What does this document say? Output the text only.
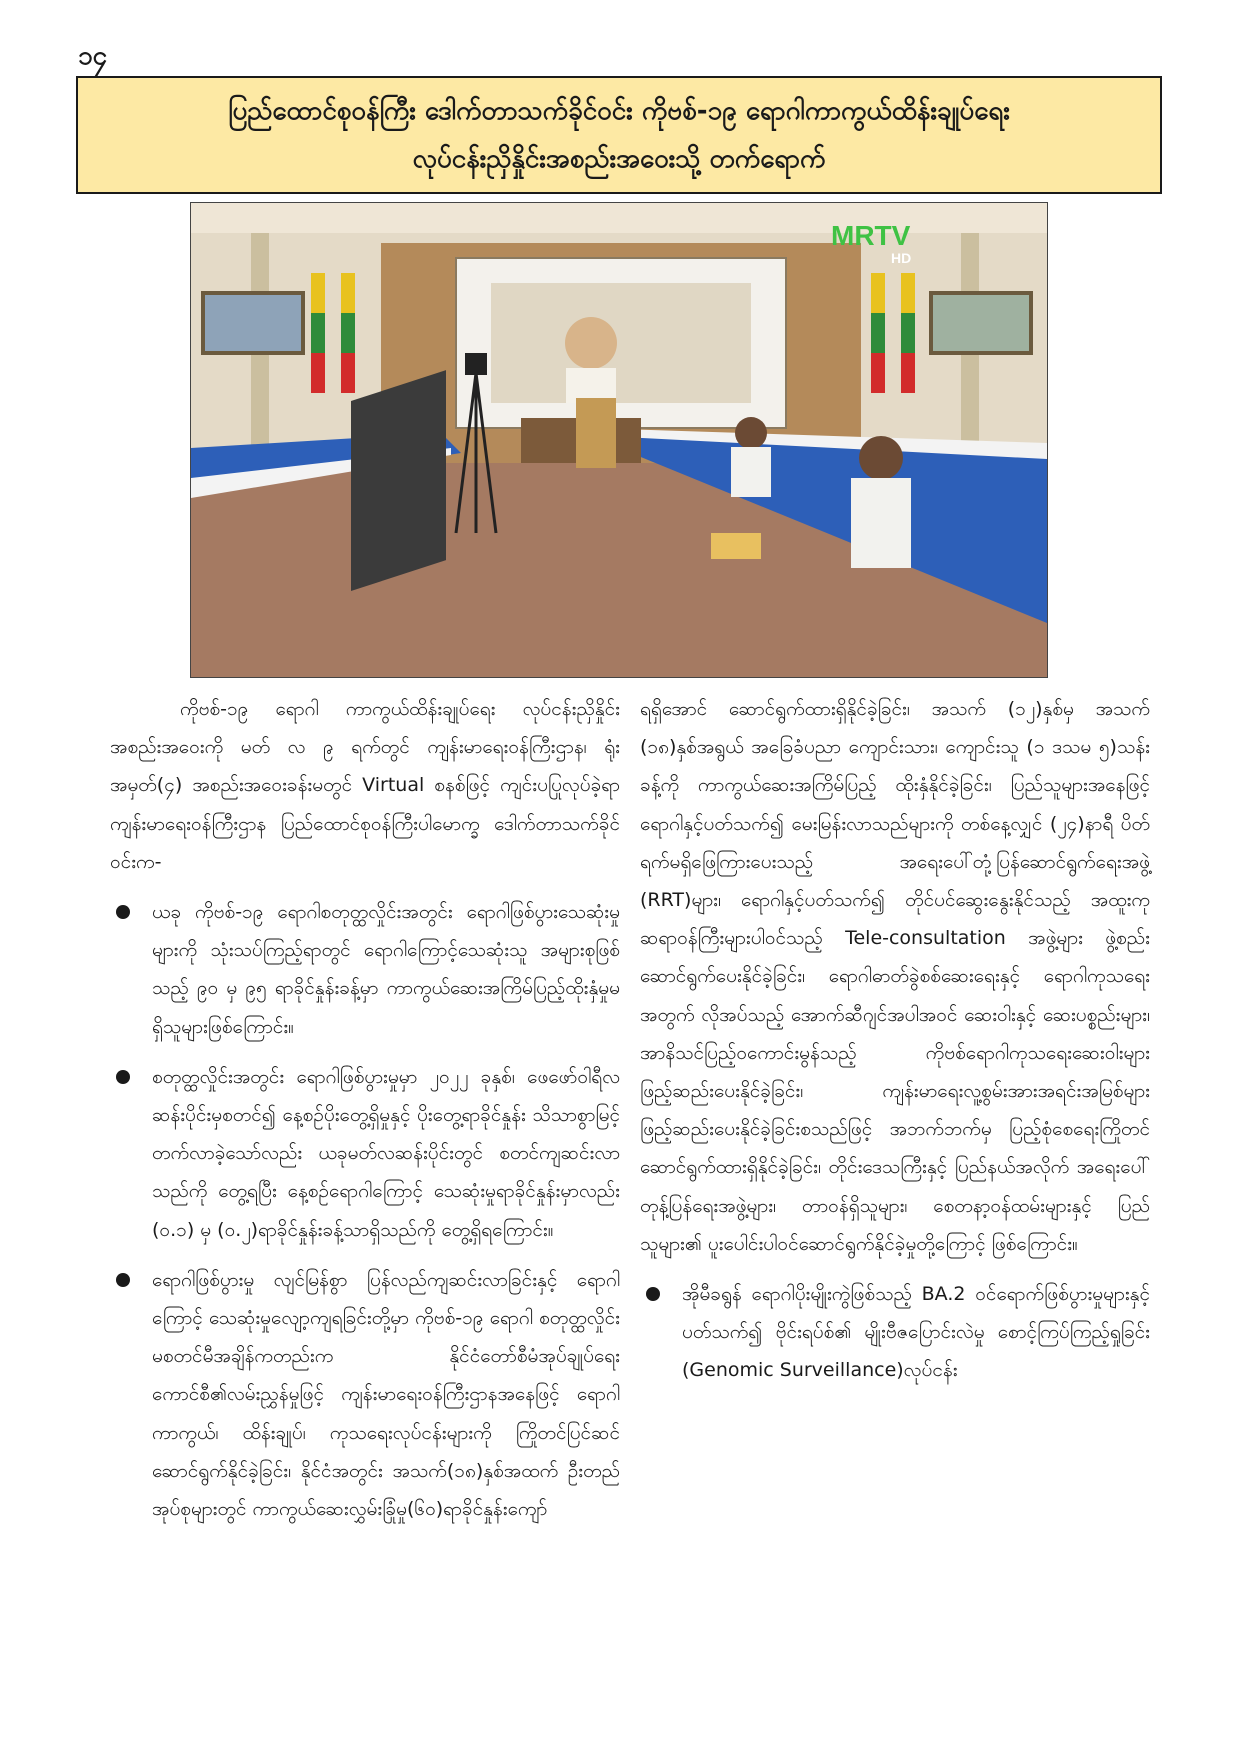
၁၄
ပြည်ထောင်စုဝန်ကြီး ဒေါက်တာသက်ခိုင်ဝင်း ကိုဗစ်-၁၉ ရောဂါကာကွယ်ထိန်းချုပ်ရေး
လုပ်ငန်းညှိနှိုင်းအစည်းအဝေးသို့ တက်ရောက်
MRTV
HD

ကိုဗစ်-၁၉ ရောဂါ ကာကွယ်ထိန်းချုပ်ရေး လုပ်ငန်းညှိနှိုင်းအစည်းအဝေးကို မတ် လ ၉ ရက်တွင် ကျန်းမာရေးဝန်ကြီးဌာန၊ ရုံးအမှတ်(၄) အစည်းအဝေးခန်းမတွင် Virtual စနစ်ဖြင့် ကျင်းပပြုလုပ်ခဲ့ရာ ကျန်းမာရေးဝန်ကြီးဌာန ပြည်ထောင်စုဝန်ကြီးပါမောက္ခ ဒေါက်တာသက်ခိုင်ဝင်းက-

ယခု ကိုဗစ်-၁၉ ရောဂါစတုတ္ထလှိုင်းအတွင်း ရောဂါဖြစ်ပွားသေဆုံးမှုများကို သုံးသပ်ကြည့်ရာတွင် ရောဂါကြောင့်သေဆုံးသူ အများစုဖြစ်သည့် ၉၀ မှ ၉၅ ရာခိုင်နှုန်းခန့်မှာ ကာကွယ်ဆေးအကြိမ်ပြည့်ထိုးနှံမှုမရှိသူများဖြစ်ကြောင်း။

စတုတ္ထလှိုင်းအတွင်း ရောဂါဖြစ်ပွားမှုမှာ ၂၀၂၂ ခုနှစ်၊ ဖေဖော်ဝါရီလဆန်းပိုင်းမှစတင်၍ နေ့စဉ်ပိုးတွေ့ရှိမှုနှင့် ပိုးတွေ့ရာခိုင်နှုန်း သိသာစွာမြင့်တက်လာခဲ့သော်လည်း ယခုမတ်လဆန်းပိုင်းတွင် စတင်ကျဆင်းလာသည်ကို တွေ့ရပြီး နေ့စဉ်ရောဂါကြောင့် သေဆုံးမှုရာခိုင်နှုန်းမှာလည်း (၀.၁) မှ (၀.၂)ရာခိုင်နှုန်းခန့်သာရှိသည်ကို တွေ့ရှိရကြောင်း။

ရောဂါဖြစ်ပွားမှု လျင်မြန်စွာ ပြန်လည်ကျဆင်းလာခြင်းနှင့် ရောဂါကြောင့် သေဆုံးမှုလျော့ကျရခြင်းတို့မှာ ကိုဗစ်-၁၉ ရောဂါ စတုတ္ထလှိုင်း မစတင်မီအချိန်ကတည်းက နိုင်ငံတော်စီမံအုပ်ချုပ်ရေးကောင်စီ၏လမ်းညွှန်မှုဖြင့် ကျန်းမာရေးဝန်ကြီးဌာနအနေဖြင့် ရောဂါကာကွယ်၊ ထိန်းချုပ်၊ ကုသရေးလုပ်ငန်းများကို ကြိုတင်ပြင်ဆင်ဆောင်ရွက်နိုင်ခဲ့ခြင်း၊ နိုင်ငံအတွင်း အသက်(၁၈)နှစ်အထက် ဦးတည်အုပ်စုများတွင် ကာကွယ်ဆေးလွှမ်းခြုံမှု(၆၀)ရာခိုင်နှုန်းကျော်

ရရှိအောင် ဆောင်ရွက်ထားရှိနိုင်ခဲ့ခြင်း၊ အသက် (၁၂)နှစ်မှ အသက် (၁၈)နှစ်အရွယ် အခြေခံပညာ ကျောင်းသား၊ ကျောင်းသူ (၁ ဒသမ ၅)သန်းခန့်ကို ကာကွယ်ဆေးအကြိမ်ပြည့် ထိုးနှံနိုင်ခဲ့ခြင်း၊ ပြည်သူများအနေဖြင့် ရောဂါနှင့်ပတ်သက်၍ မေးမြန်းလာသည်များကို တစ်နေ့လျှင် (၂၄)နာရီ ပိတ်ရက်မရှိဖြေကြားပေးသည့် အရေးပေါ်တုံ့ပြန်ဆောင်ရွက်ရေးအဖွဲ့ (RRT)များ၊ ရောဂါနှင့်ပတ်သက်၍ တိုင်ပင်ဆွေးနွေးနိုင်သည့် အထူးကုဆရာဝန်ကြီးများပါဝင်သည့် Tele-consultation အဖွဲ့များ ဖွဲ့စည်းဆောင်ရွက်ပေးနိုင်ခဲ့ခြင်း၊ ရောဂါဓာတ်ခွဲစစ်ဆေးရေးနှင့် ရောဂါကုသရေးအတွက် လိုအပ်သည့် အောက်ဆီဂျင်အပါအဝင် ဆေးဝါးနှင့် ဆေးပစ္စည်းများ၊ အာနိသင်ပြည့်ဝကောင်းမွန်သည့် ကိုဗစ်ရောဂါကုသရေးဆေးဝါးများ ဖြည့်ဆည်းပေးနိုင်ခဲ့ခြင်း၊ ကျန်းမာရေးလူ့စွမ်းအားအရင်းအမြစ်များ ဖြည့်ဆည်းပေးနိုင်ခဲ့ခြင်းစသည်ဖြင့် အဘက်ဘက်မှ ပြည့်စုံစေရေးကြိုတင်ဆောင်ရွက်ထားရှိနိုင်ခဲ့ခြင်း၊ တိုင်းဒေသကြီးနှင့် ပြည်နယ်အလိုက် အရေးပေါ်တုန့်ပြန်ရေးအဖွဲ့များ၊ တာဝန်ရှိသူများ၊ စေတနာ့ဝန်ထမ်းများနှင့် ပြည်သူများ၏ ပူးပေါင်းပါဝင်ဆောင်ရွက်နိုင်ခဲ့မှုတို့ကြောင့် ဖြစ်ကြောင်း။

အိုမီခရွန် ရောဂါပိုးမျိုးကွဲဖြစ်သည့် BA.2 ဝင်ရောက်ဖြစ်ပွားမှုများနှင့်ပတ်သက်၍ ဗိုင်းရပ်စ်၏ မျိုးဗီဇပြောင်းလဲမှု စောင့်ကြပ်ကြည့်ရှုခြင်း (Genomic Surveillance)လုပ်ငန်း
